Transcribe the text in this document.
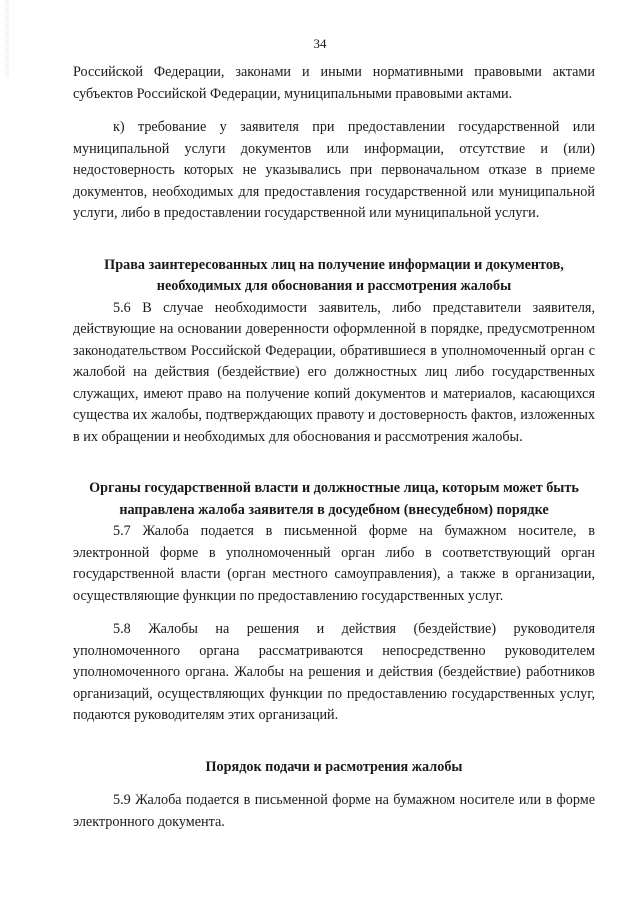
|||||||||||||||||||||||||||||||||||||||	34

Российской Федерации, законами и иными нормативными правовыми актами субъектов Российской Федерации, муниципальными правовыми актами.

к) требование у заявителя при предоставлении государственной или муниципальной услуги документов или информации, отсутствие и (или) недостоверность которых не указывались при первоначальном отказе в приеме документов, необходимых для предоставления государственной или муниципальной услуги, либо в предоставлении государственной или муниципальной услуги.

Права заинтересованных лиц на получение информации и документов, необходимых для обоснования и рассмотрения жалобы

5.6 В случае необходимости заявитель, либо представители заявителя, действующие на основании доверенности оформленной в порядке, предусмотренном законодательством Российской Федерации, обратившиеся в уполномоченный орган с жалобой на действия (бездействие) его должностных лиц либо государственных служащих, имеют право на получение копий документов и материалов, касающихся существа их жалобы, подтверждающих правоту и достоверность фактов, изложенных в их обращении и необходимых для обоснования и рассмотрения жалобы.

Органы государственной власти и должностные лица, которым может быть направлена жалоба заявителя в досудебном (внесудебном) порядке

5.7 Жалоба подается в письменной форме на бумажном носителе, в электронной форме в уполномоченный орган либо в соответствующий орган государственной власти (орган местного самоуправления), а также в организации, осуществляющие функции по предоставлению государственных услуг.

5.8 Жалобы на решения и действия (бездействие) руководителя уполномоченного органа рассматриваются непосредственно руководителем уполномоченного органа. Жалобы на решения и действия (бездействие) работников организаций, осуществляющих функции по предоставлению государственных услуг, подаются руководителям этих организаций.

Порядок подачи и расмотрения жалобы

5.9 Жалоба подается в письменной форме на бумажном носителе или в форме электронного документа.
